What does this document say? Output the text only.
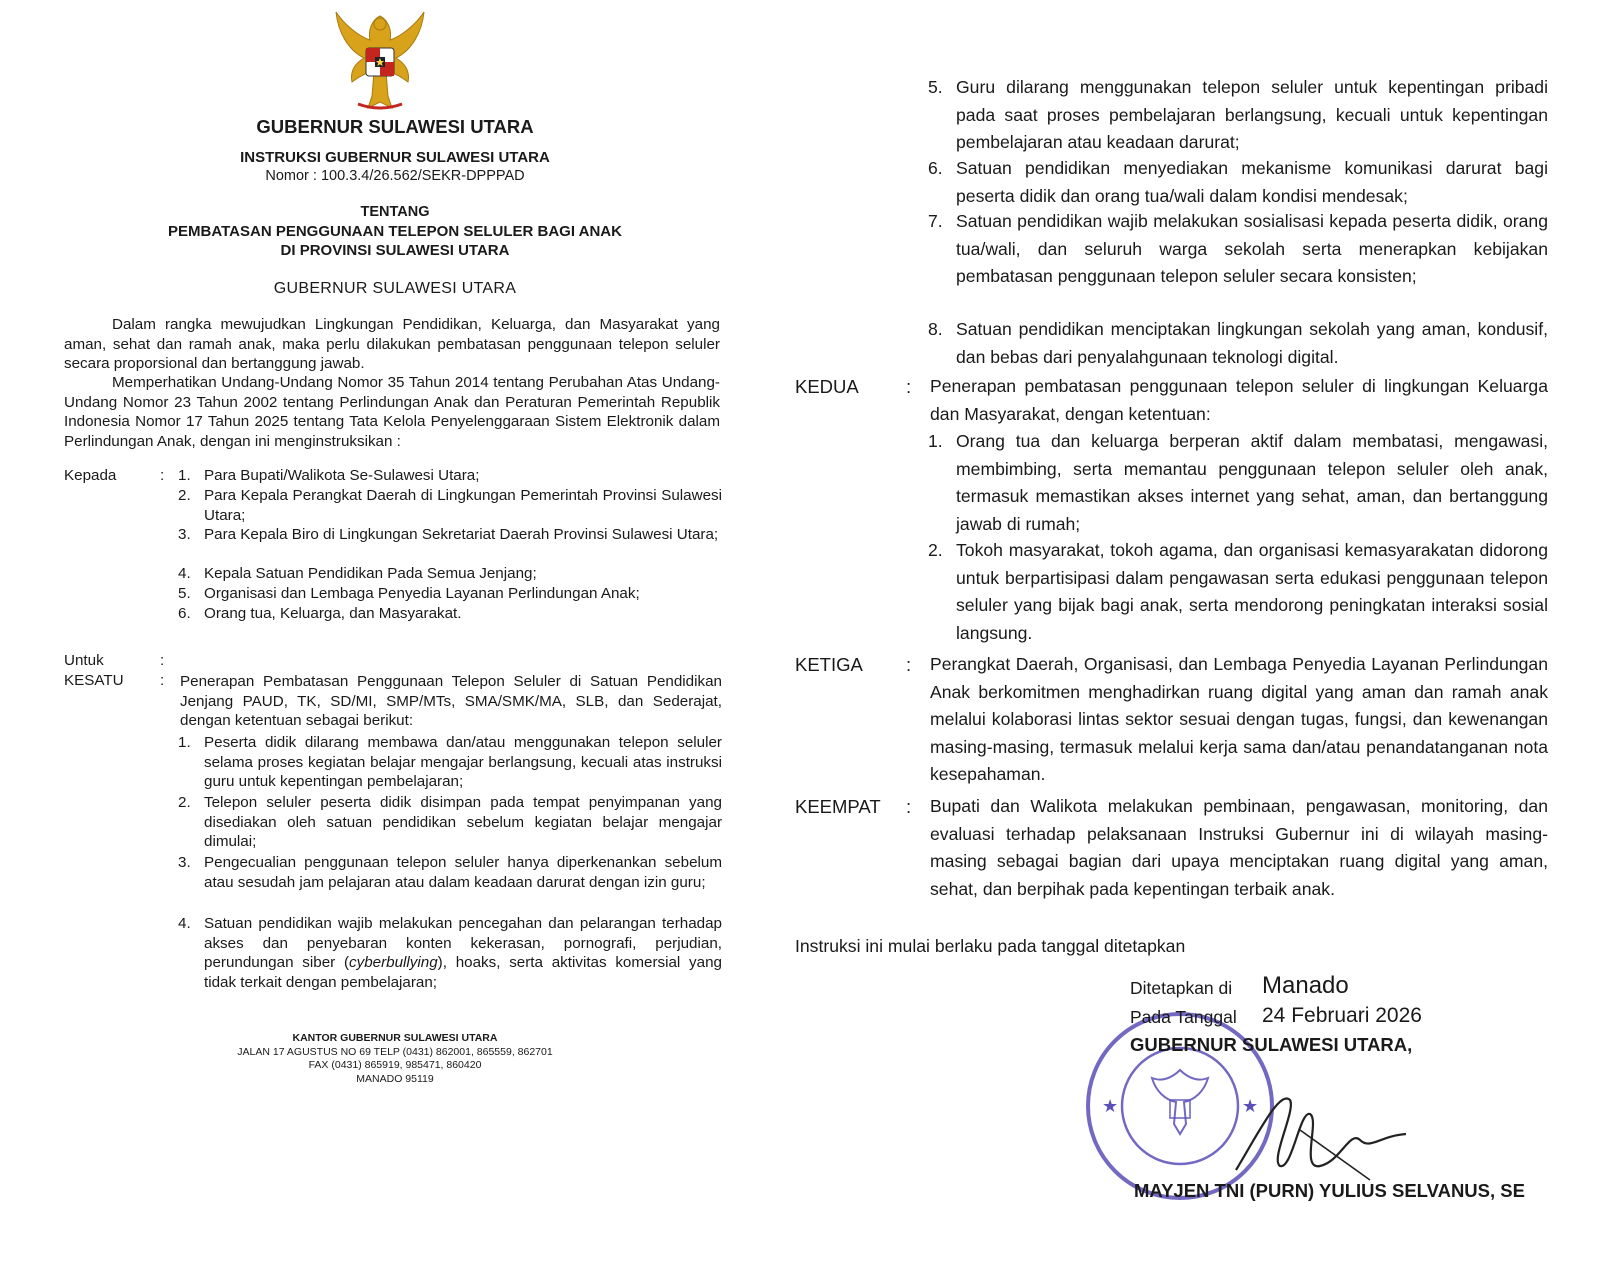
GUBERNUR SULAWESI UTARA
INSTRUKSI GUBERNUR SULAWESI UTARA
Nomor : 100.3.4/26.562/SEKR-DPPPAD
TENTANG
PEMBATASAN PENGGUNAAN TELEPON SELULER BAGI ANAK
DI PROVINSI SULAWESI UTARA
GUBERNUR SULAWESI UTARA
Dalam rangka mewujudkan Lingkungan Pendidikan, Keluarga, dan Masyarakat yang aman, sehat dan ramah anak, maka perlu dilakukan pembatasan penggunaan telepon seluler secara proporsional dan bertanggung jawab.
Memperhatikan Undang-Undang Nomor 35 Tahun 2014 tentang Perubahan Atas Undang-Undang Nomor 23 Tahun 2002 tentang Perlindungan Anak dan Peraturan Pemerintah Republik Indonesia Nomor 17 Tahun 2025 tentang Tata Kelola Penyelenggaraan Sistem Elektronik dalam Perlindungan Anak, dengan ini menginstruksikan :
Kepada	: 1. Para Bupati/Walikota Se-Sulawesi Utara;
2. Para Kepala Perangkat Daerah di Lingkungan Pemerintah Provinsi Sulawesi Utara;
3. Para Kepala Biro di Lingkungan Sekretariat Daerah Provinsi Sulawesi Utara;
4. Kepala Satuan Pendidikan Pada Semua Jenjang;
5. Organisasi dan Lembaga Penyedia Layanan Perlindungan Anak;
6. Orang tua, Keluarga, dan Masyarakat.
Untuk	:
KESATU : Penerapan Pembatasan Penggunaan Telepon Seluler di Satuan Pendidikan Jenjang PAUD, TK, SD/MI, SMP/MTs, SMA/SMK/MA, SLB, dan Sederajat, dengan ketentuan sebagai berikut:
1. Peserta didik dilarang membawa dan/atau menggunakan telepon seluler selama proses kegiatan belajar mengajar berlangsung, kecuali atas instruksi guru untuk kepentingan pembelajaran;
2. Telepon seluler peserta didik disimpan pada tempat penyimpanan yang disediakan oleh satuan pendidikan sebelum kegiatan belajar mengajar dimulai;
3. Pengecualian penggunaan telepon seluler hanya diperkenankan sebelum atau sesudah jam pelajaran atau dalam keadaan darurat dengan izin guru;
4. Satuan pendidikan wajib melakukan pencegahan dan pelarangan terhadap akses dan penyebaran konten kekerasan, pornografi, perjudian, perundungan siber (cyberbullying), hoaks, serta aktivitas komersial yang tidak terkait dengan pembelajaran;
KANTOR GUBERNUR SULAWESI UTARA
JALAN 17 AGUSTUS NO 69 TELP (0431) 862001, 865559, 862701
FAX (0431) 865919, 985471, 860420
MANADO 95119
5. Guru dilarang menggunakan telepon seluler untuk kepentingan pribadi pada saat proses pembelajaran berlangsung, kecuali untuk kepentingan pembelajaran atau keadaan darurat;
6. Satuan pendidikan menyediakan mekanisme komunikasi darurat bagi peserta didik dan orang tua/wali dalam kondisi mendesak;
7. Satuan pendidikan wajib melakukan sosialisasi kepada peserta didik, orang tua/wali, dan seluruh warga sekolah serta menerapkan kebijakan pembatasan penggunaan telepon seluler secara konsisten;
8. Satuan pendidikan menciptakan lingkungan sekolah yang aman, kondusif, dan bebas dari penyalahgunaan teknologi digital.
KEDUA	: Penerapan pembatasan penggunaan telepon seluler di lingkungan Keluarga dan Masyarakat, dengan ketentuan:
1. Orang tua dan keluarga berperan aktif dalam membatasi, mengawasi, membimbing, serta memantau penggunaan telepon seluler oleh anak, termasuk memastikan akses internet yang sehat, aman, dan bertanggung jawab di rumah;
2. Tokoh masyarakat, tokoh agama, dan organisasi kemasyarakatan didorong untuk berpartisipasi dalam pengawasan serta edukasi penggunaan telepon seluler yang bijak bagi anak, serta mendorong peningkatan interaksi sosial langsung.
KETIGA : Perangkat Daerah, Organisasi, dan Lembaga Penyedia Layanan Perlindungan Anak berkomitmen menghadirkan ruang digital yang aman dan ramah anak melalui kolaborasi lintas sektor sesuai dengan tugas, fungsi, dan kewenangan masing-masing, termasuk melalui kerja sama dan/atau penandatanganan nota kesepahaman.
KEEMPAT : Bupati dan Walikota melakukan pembinaan, pengawasan, monitoring, dan evaluasi terhadap pelaksanaan Instruksi Gubernur ini di wilayah masing-masing sebagai bagian dari upaya menciptakan ruang digital yang aman, sehat, dan berpihak pada kepentingan terbaik anak.
Instruksi ini mulai berlaku pada tanggal ditetapkan
★	★
Ditetapkan di Manado
Pada Tanggal 24 Februari 2026
GUBERNUR SULAWESI UTARA,
MAYJEN TNI (PURN) YULIUS SELVANUS, SE
